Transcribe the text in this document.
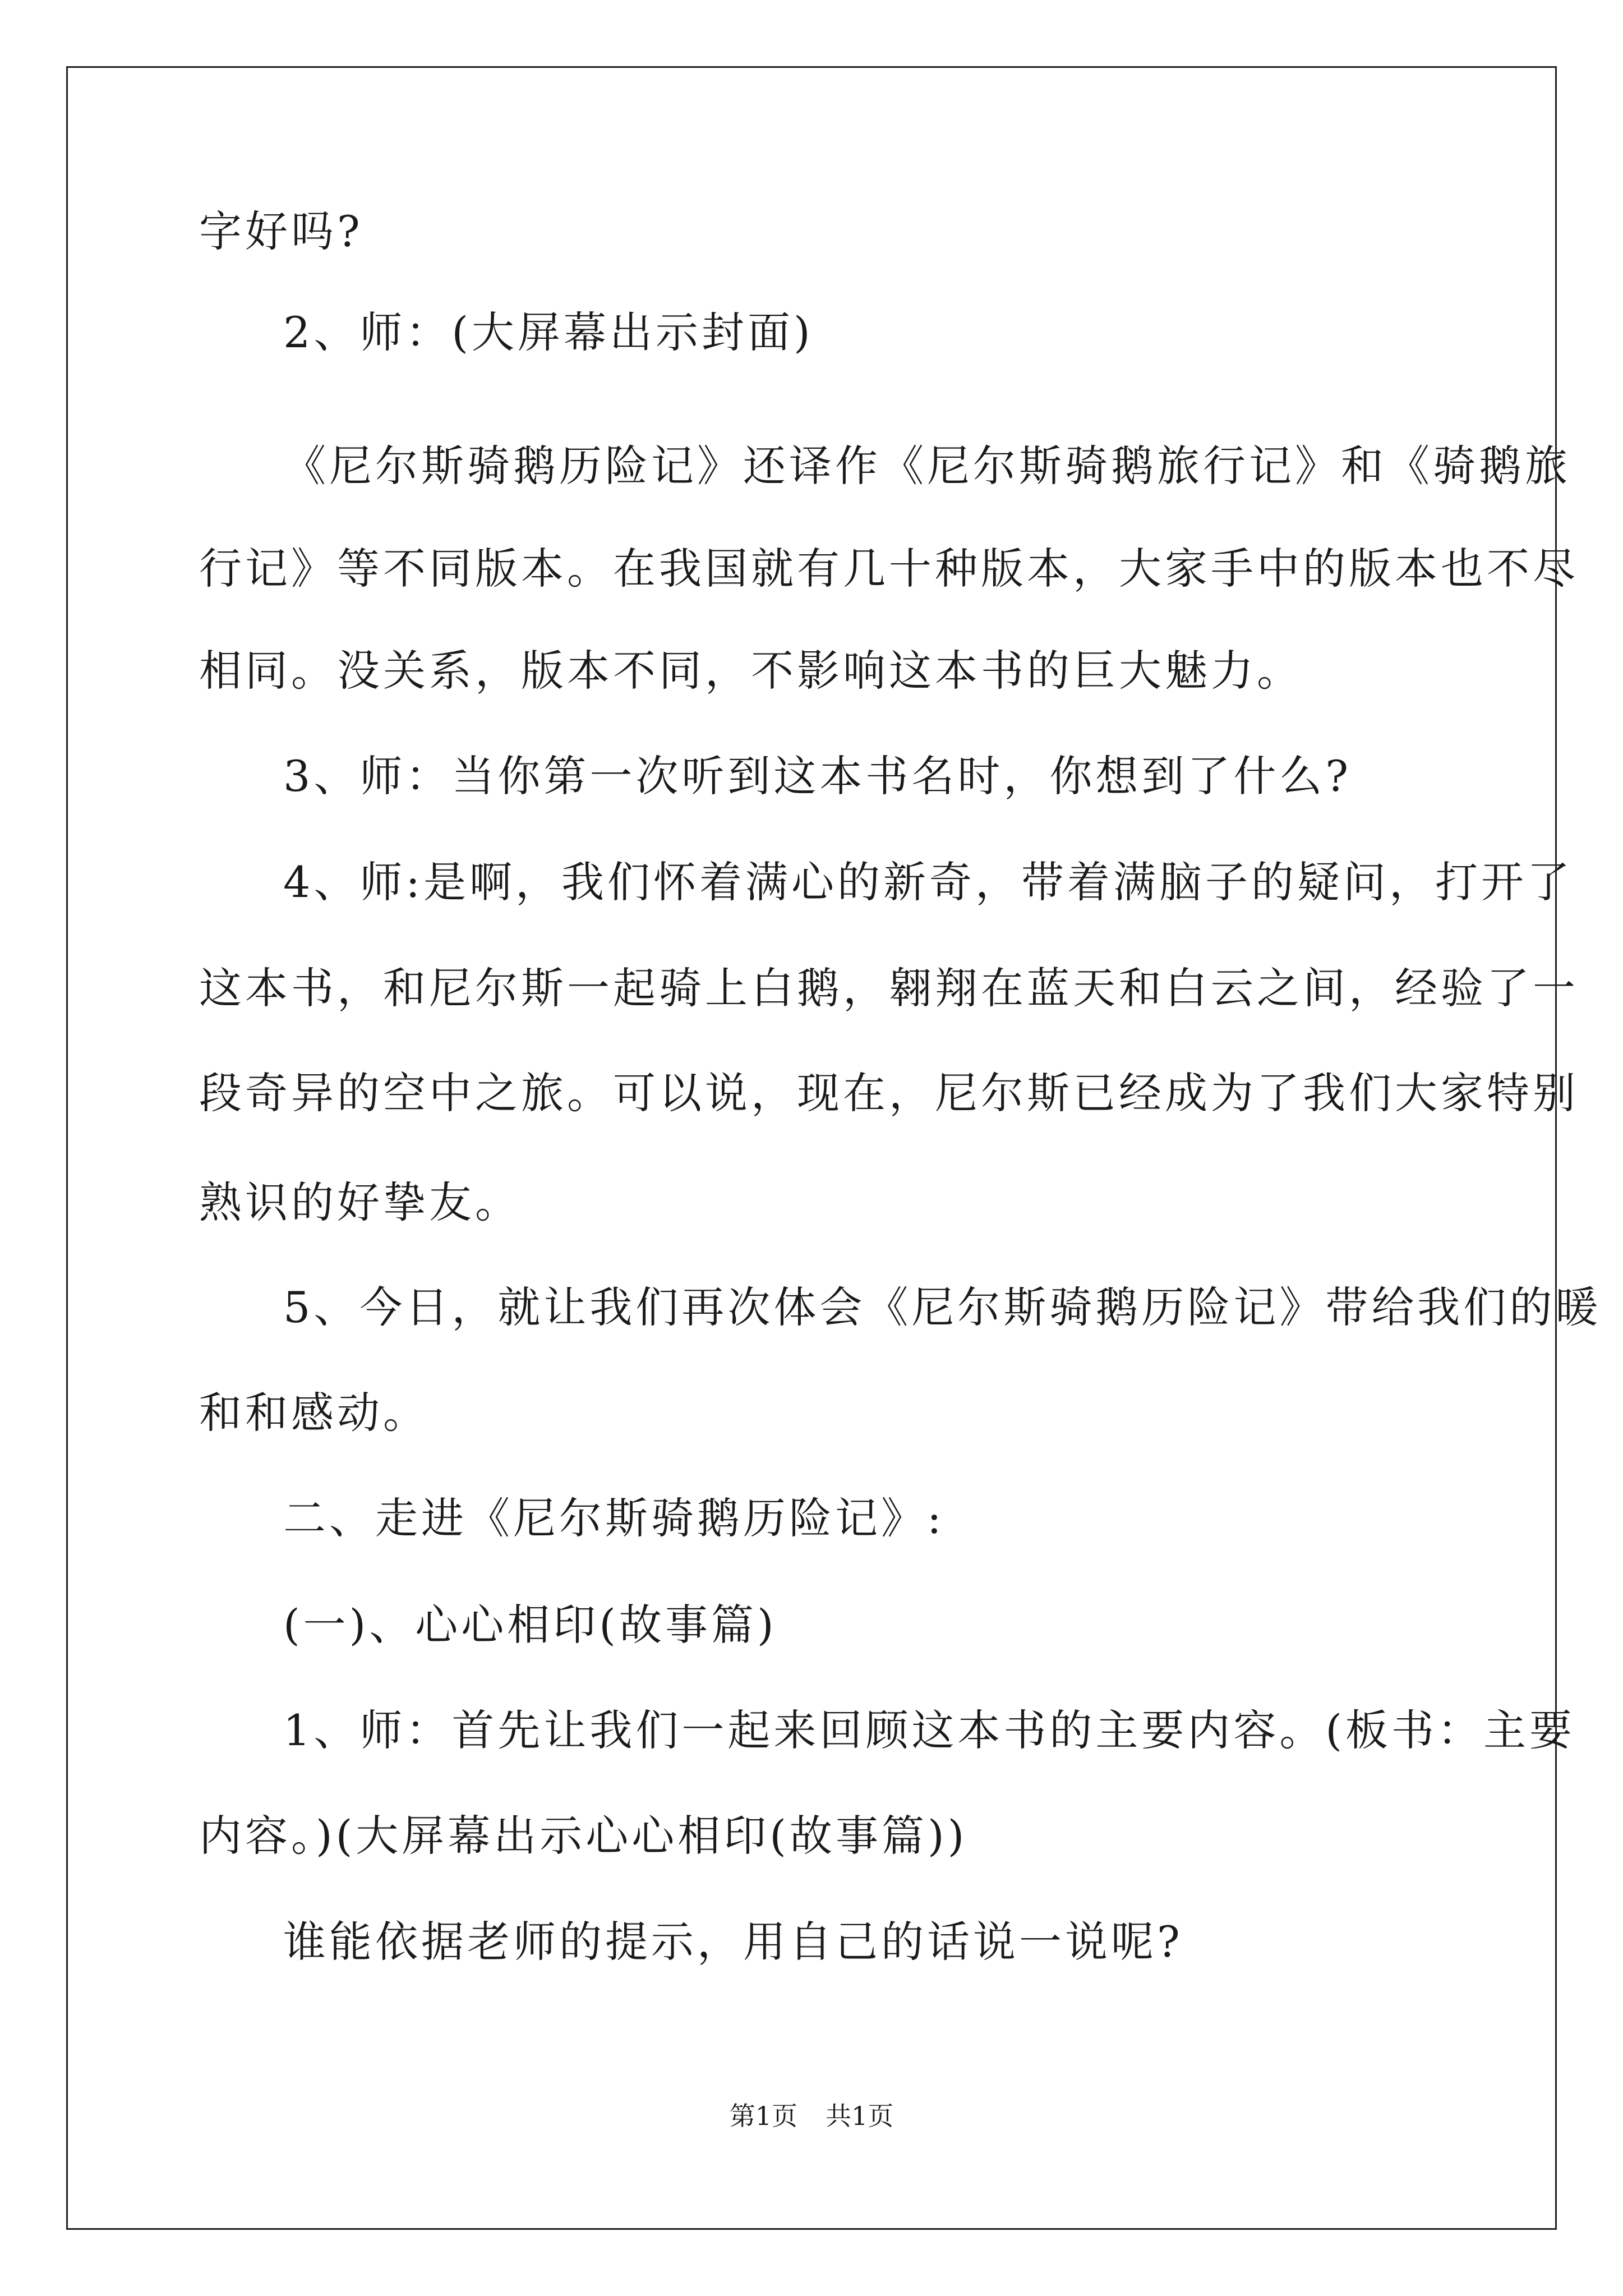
字好吗?
2、师：(大屏幕出示封面)
《尼尔斯骑鹅历险记》还译作《尼尔斯骑鹅旅行记》和《骑鹅旅
行记》等不同版本。在我国就有几十种版本，大家手中的版本也不尽
相同。没关系，版本不同，不影响这本书的巨大魅力。
3、师：当你第一次听到这本书名时，你想到了什么?
4、师:是啊，我们怀着满心的新奇，带着满脑子的疑问，打开了
这本书，和尼尔斯一起骑上白鹅，翱翔在蓝天和白云之间，经验了一
段奇异的空中之旅。可以说，现在，尼尔斯已经成为了我们大家特别
熟识的好挚友。
5、今日，就让我们再次体会《尼尔斯骑鹅历险记》带给我们的暖
和和感动。
二、走进《尼尔斯骑鹅历险记》:
(一)、心心相印(故事篇)
1、师：首先让我们一起来回顾这本书的主要内容。(板书：主要
内容。)(大屏幕出示心心相印(故事篇))
谁能依据老师的提示，用自己的话说一说呢?
第1页 共1页
